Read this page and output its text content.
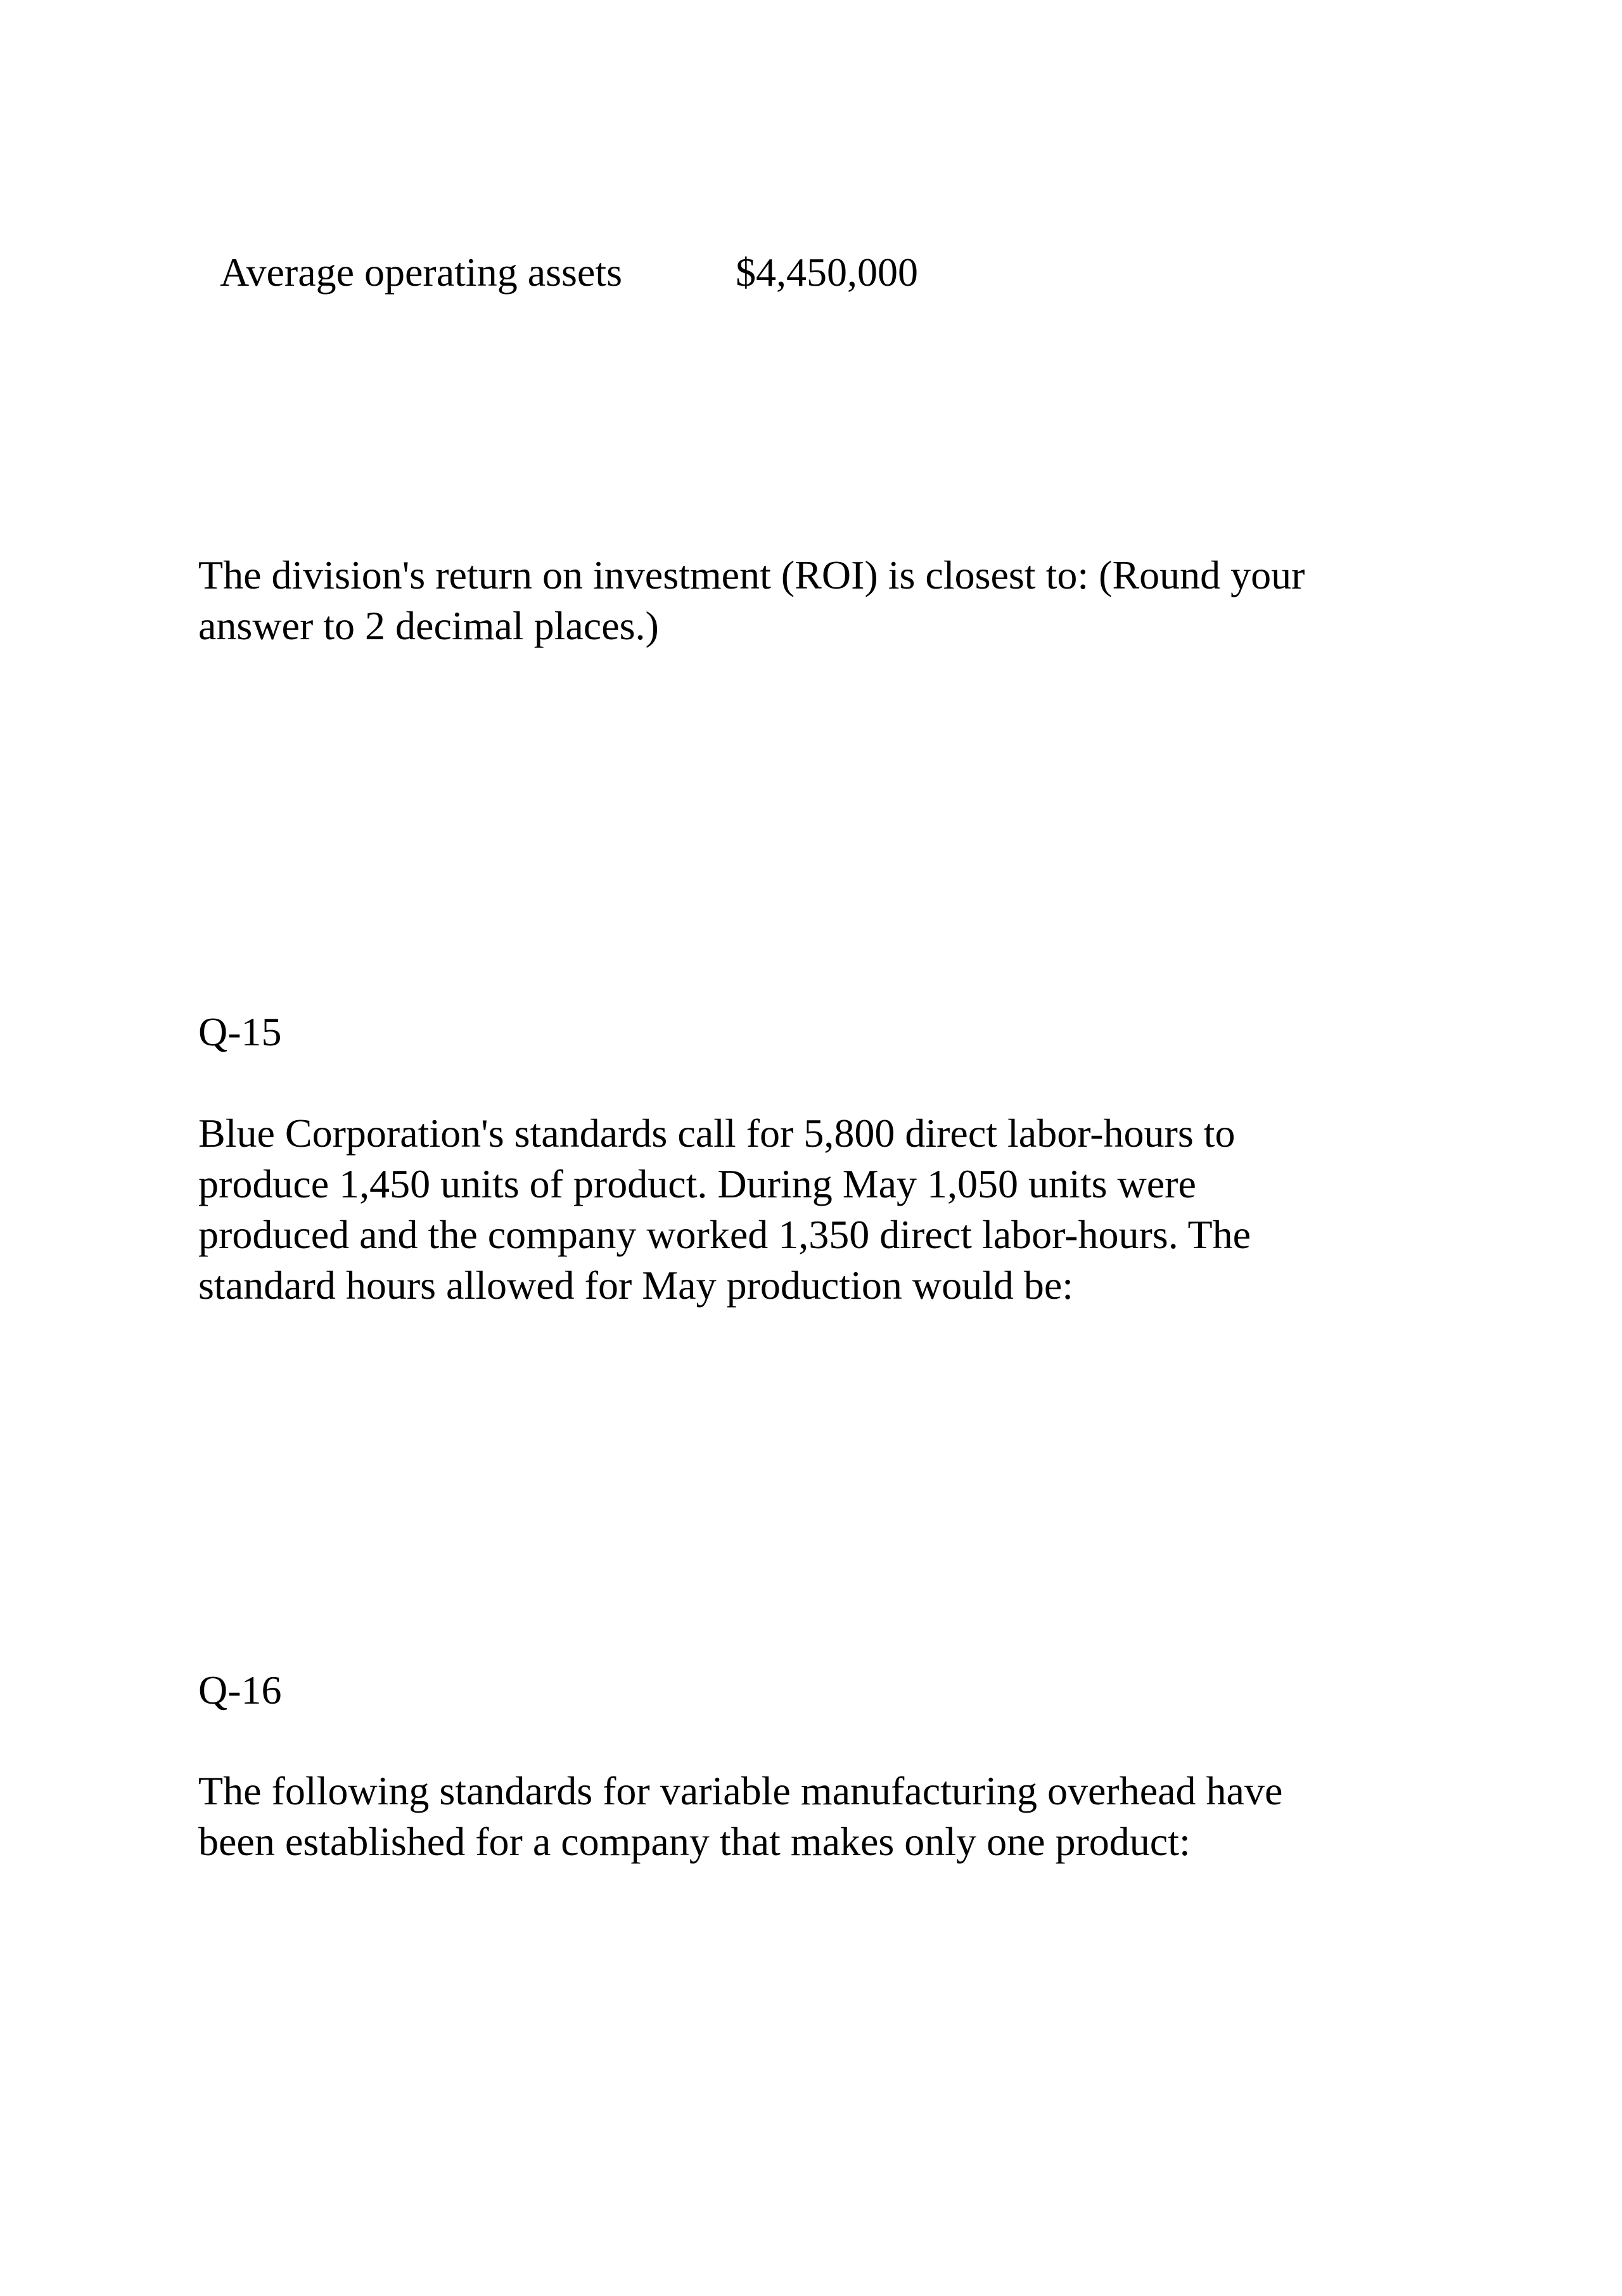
Average operating assets	$4,450,000

The division's return on investment (ROI) is closest to: (Round your
answer to 2 decimal places.)

Q-15

Blue Corporation's standards call for 5,800 direct labor-hours to
produce 1,450 units of product. During May 1,050 units were
produced and the company worked 1,350 direct labor-hours. The
standard hours allowed for May production would be:

Q-16

The following standards for variable manufacturing overhead have
been established for a company that makes only one product:
